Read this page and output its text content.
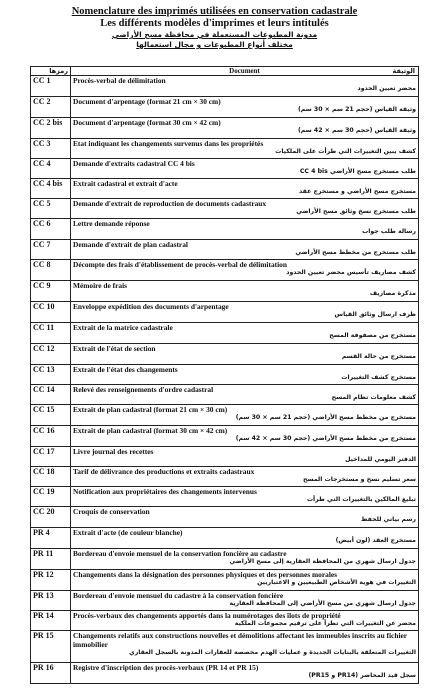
Nomenclature des imprimés utilisées en conservation cadastrale
Les différents modèles d'imprimes et leurs intitulés
مدونة المطبوعات المستعملة في محافظة مسح الأراضي
مختلف أنواع المطبوعات و مجال استعمالها
رمزها	Document الوثيقة

CC 1	Procès-verbal de délimitation
محضر تعيين الحدود

CC 2	Document d'arpentage (format 21 cm × 30 cm)
وثيقة القياس (حجم 21 سم × 30 سم)

CC 2 bis	Document d'arpentage (format 30 cm × 42 cm)
وثيقة القياس (حجم 30 سم × 42 سم)

CC 3	Etat indiquant les changements survenus dans les propriétés
كشف يبين التغييرات التي طرأت على الملكيات

CC 4	Demande d'extraits cadastral CC 4 bis
طلب مستخرج مسح الأراضي CC 4 bis

CC 4 bis	Extrait cadastral et extrait d'acte
مستخرج مسح الأراضي و مستخرج عقد

CC 5	Demande d'extrait de reproduction de documents cadastraux
طلب مستخرج نسخ وثائق مسح الأراضي

CC 6	Lettre demande réponse
رسالة طلب جواب

CC 7	Demande d'extrait de plan cadastral
طلب مستخرج من مخطط مسح الأراضي

CC 8	Décompte des frais d'établissement de procès-verbal de délimitation
كشف مصاريف تأسيس محضر تعيين الحدود

CC 9	Mémoire de frais
مذكرة مصاريف

CC 10	Enveloppe expédition des documents d'arpentage
ظرف ارسال وثائق القياس

CC 11	Extrait de la matrice cadastrale
مستخرج من مصفوفة المسح

CC 12	Extrait de l'état de section
مستخرج من حالة القسم

CC 13	Extrait de l'état des changements
مستخرج كشف التغييرات

CC 14	Relevé des renseignements d'ordre cadastral
كشف معلومات نظام المسح

CC 15	Extrait de plan cadastral (format 21 cm × 30 cm)
مستخرج من مخطط مسح الأراضي (حجم 21 سم × 30 سم)

CC 16	Extrait de plan cadastral (format 30 cm × 42 cm)
مستخرج من مخطط مسح الأراضي (حجم 30 سم × 42 سم)

CC 17	Livre journal des recettes
الدفتر اليومي للمداخيل

CC 18	Tarif de délivrance des productions et extraits cadastraux
سعر تسليم نسخ و مستخرجات المسح

CC 19	Notification aux propriétaires des changements intervenus
تبليغ المالكين بالتغييرات التي طرأت

CC 20	Croquis de conservation
رسم بياني للحفظ

PR 4	Extrait d'acte (de couleur blanche)
مستخرج العقد (لون أبيض)

PR 11	Bordereau d'envoie mensuel de la conservation foncière au cadastre
جدول ارسال شهري من المحافظة العقارية إلى مسح الأراضي

PR 12	Changements dans la désignation des personnes physiques et des personnes morales
التغييرات في هوية الأشخاص الطبيعيين و الاعتباريين

PR 13	Bordereau d'envoie mensuel du cadastre à la conservation foncière
جدول ارسال شهري من مسح الأراضي إلى المحافظة العقارية

PR 14	Procès-verbaux des changements apportés dans la numérotages des îlots de propriété
محضر عن التغييرات التي تطرأ على ترقيم مجموعات الملكية

PR 15	Changements relatifs aux constructions nouvelles et démolitions affectant les immeubles inscrits au fichier immobilier
التغييرات المتعلقة بالبنايات الجديدة و عمليات الهدم مخصصة للعقارات المدونة بالسجل العقاري

PR 16	Registre d'inscription des procès-verbaux (PR 14 et PR 15)
سجل قيد المحاضر (PR14 و PR15)
